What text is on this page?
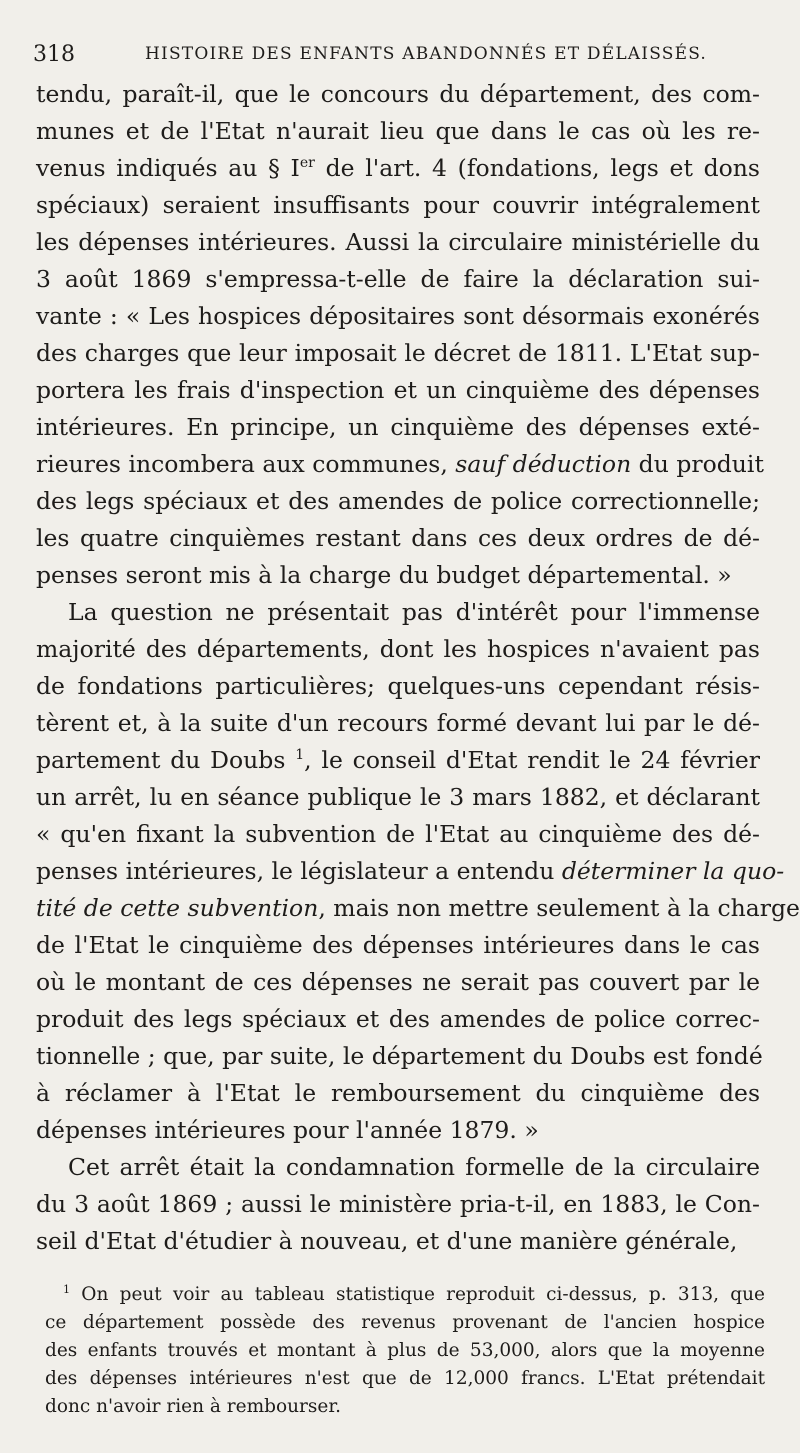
318	HISTOIRE DES ENFANTS ABANDONNÉS ET DÉLAISSÉS.
tendu, paraît-il, que le concours du département, des com-
munes et de l'Etat n'aurait lieu que dans le cas où les re-
venus indiqués au § Ier de l'art. 4 (fondations, legs et dons
spéciaux) seraient insuffisants pour couvrir intégralement
les dépenses intérieures. Aussi la circulaire ministérielle du
3 août 1869 s'empressa-t-elle de faire la déclaration sui-
vante : « Les hospices dépositaires sont désormais exonérés
des charges que leur imposait le décret de 1811. L'Etat sup-
portera les frais d'inspection et un cinquième des dépenses
intérieures. En principe, un cinquième des dépenses exté-
rieures incombera aux communes, sauf déduction du produit
des legs spéciaux et des amendes de police correctionnelle;
les quatre cinquièmes restant dans ces deux ordres de dé-
penses seront mis à la charge du budget départemental. »
La question ne présentait pas d'intérêt pour l'immense
majorité des départements, dont les hospices n'avaient pas
de fondations particulières; quelques-uns cependant résis-
tèrent et, à la suite d'un recours formé devant lui par le dé-
partement du Doubs $^1$, le conseil d'Etat rendit le 24 février
un arrêt, lu en séance publique le 3 mars 1882, et déclarant
« qu'en fixant la subvention de l'Etat au cinquième des dé-
penses intérieures, le législateur a entendu déterminer la quo-
tité de cette subvention, mais non mettre seulement à la charge
de l'Etat le cinquième des dépenses intérieures dans le cas
où le montant de ces dépenses ne serait pas couvert par le
produit des legs spéciaux et des amendes de police correc-
tionnelle ; que, par suite, le département du Doubs est fondé
à réclamer à l'Etat le remboursement du cinquième des
dépenses intérieures pour l'année 1879. »
Cet arrêt était la condamnation formelle de la circulaire
du 3 août 1869 ; aussi le ministère pria-t-il, en 1883, le Con-
seil d'Etat d'étudier à nouveau, et d'une manière générale,
$^1$ On peut voir au tableau statistique reproduit ci-dessus, p. 313, que
ce département possède des revenus provenant de l'ancien hospice
des enfants trouvés et montant à plus de 53,000, alors que la moyenne
des dépenses intérieures n'est que de 12,000 francs. L'Etat prétendait
donc n'avoir rien à rembourser.
